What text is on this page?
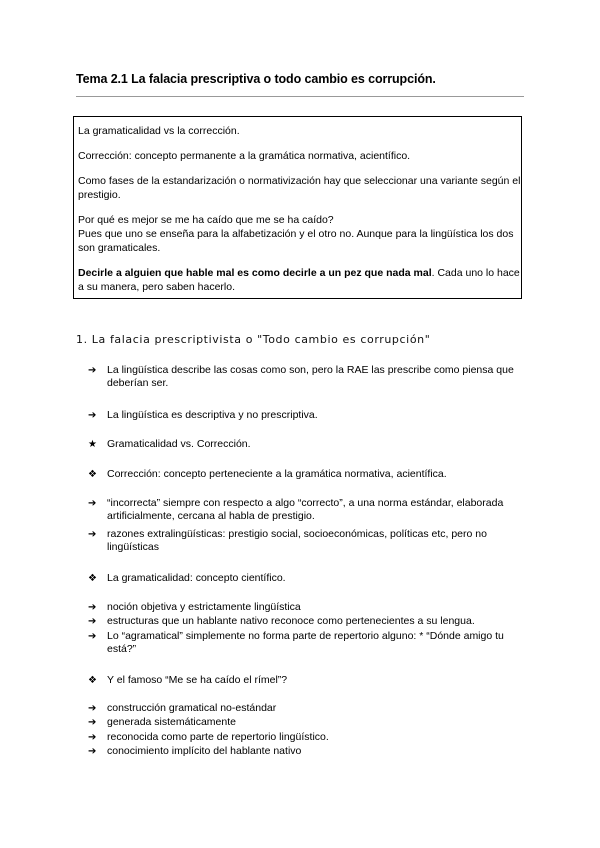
Tema 2.1 La falacia prescriptiva o todo cambio es corrupción.

La gramaticalidad vs la corrección.

Corrección: concepto permanente a la gramática normativa, acientífico.

Como fases de la estandarización o normativización hay que seleccionar una variante según el prestigio.

Por qué es mejor se me ha caído que me se ha caído?
Pues que uno se enseña para la alfabetización y el otro no. Aunque para la lingüística los dos son gramaticales.

Decirle a alguien que hable mal es como decirle a un pez que nada mal. Cada uno lo hace a su manera, pero saben hacerlo.

1. La falacia prescriptivista o "Todo cambio es corrupción"
➔	La lingüística describe las cosas como son, pero la RAE las prescribe como piensa que deberían ser.
➔	La lingüística es descriptiva y no prescriptiva.
★ Gramaticalidad vs. Corrección.
❖ Corrección: concepto perteneciente a la gramática normativa, acientífica.
➔	“incorrecta” siempre con respecto a algo “correcto”, a una norma estándar, elaborada artificialmente, cercana al habla de prestigio.
➔	razones extralingüísticas: prestigio social, socioeconómicas, políticas etc, pero no lingüísticas
❖ La gramaticalidad: concepto científico.
➔	noción objetiva y estrictamente lingüística
➔	estructuras que un hablante nativo reconoce como pertenecientes a su lengua.
➔	Lo “agramatical” simplemente no forma parte de repertorio alguno: * “Dónde amigo tu está?”
❖ Y el famoso “Me se ha caído el rímel”?
➔	construcción gramatical no-estándar
➔	generada sistemáticamente
➔	reconocida como parte de repertorio lingüístico.
➔	conocimiento implícito del hablante nativo
